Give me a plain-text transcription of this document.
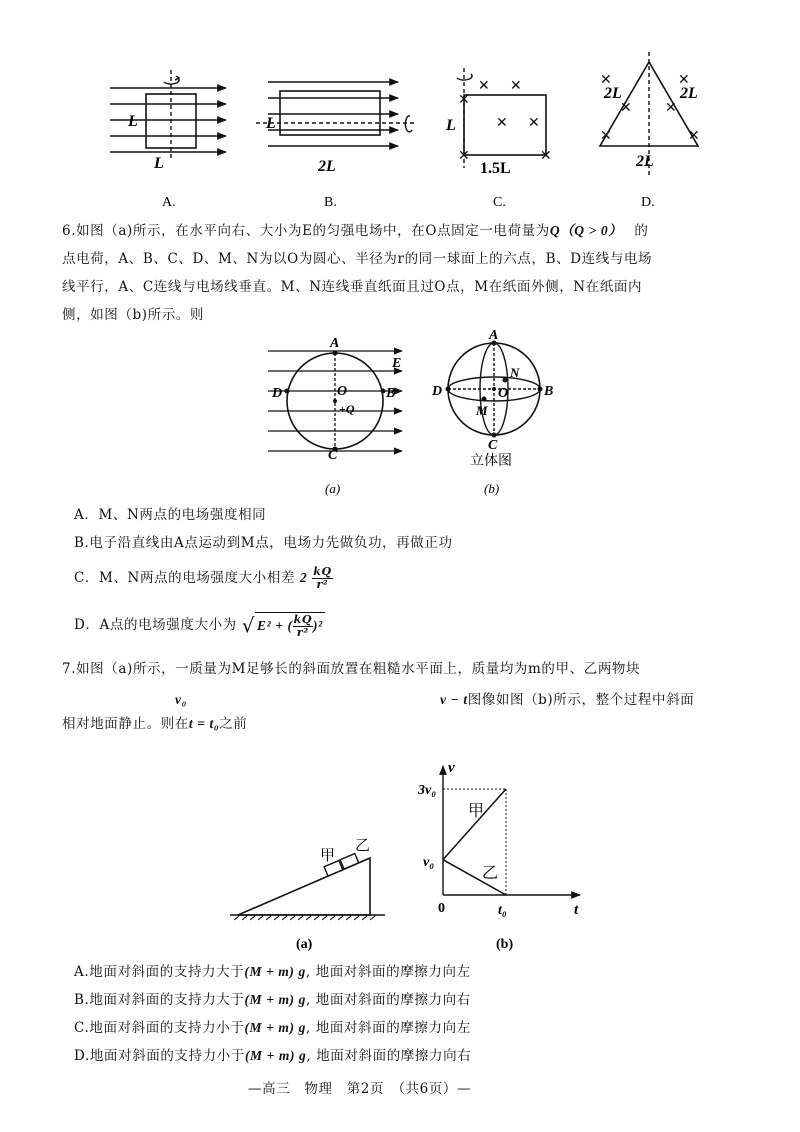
L
L
L
2L
✕ ✕
✕ ✕
✕
✕	✕
L
1.5L
✕	✕
✕ ✕
✕	✕
2L	2L
2L
A.	B.	C.	D.
6.如图（a)所示，在水平向右、大小为E的匀强电场中，在O点固定一电荷量为Q（Q > 0） 的
点电荷，A、B、C、D、M、N为以O为圆心、半径为r的同一球面上的六点，B、D连线与电场
线平行，A、C连线与电场线垂直。M、N连线垂直纸面且过O点，M在纸面外侧，N在纸面内
侧，如图（b)所示。则
A
B
C
D	O
+Q
E
(a)
A
B
C
D	O
M
N
立体图
(b)
A．M、N两点的电场强度相同
B.电子沿直线由A点运动到M点，电场力先做负功，再做正功
C．M、N两点的电场强度大小相差 $2 \frac{kQ}{\text{r²}}$
D．A点的电场强度大小为 √ E² + ( $\frac{kQ}{\text{r²}} )^2$
7.如图（a)所示，一质量为M足够长的斜面放置在粗糙水平面上，质量均为m的甲、乙两物块
v₀	v − t图像如图（b)所示，整个过程中斜面
相对地面静止。则在t = t₀之前
甲
乙
(a)
v
t
0	t₀
3v₀
v₀
甲
乙
(b)
A.地面对斜面的支持力大于(M + m) g, 地面对斜面的摩擦力向左
B.地面对斜面的支持力大于(M + m) g, 地面对斜面的摩擦力向右
C.地面对斜面的支持力小于(M + m) g, 地面对斜面的摩擦力向左
D.地面对斜面的支持力小于(M + m) g, 地面对斜面的摩擦力向右
—高三　物理　第2页　（共6页）—
